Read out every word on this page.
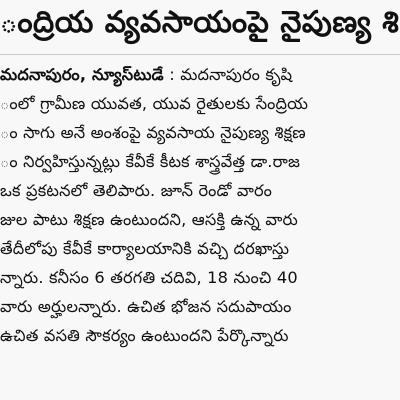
ంద్రియ వ్యవసాయంపై నైపుణ్య శి
మదనాపురం, న్యూస్‌టుడే : మదనాపురం కృషి
ంలో గ్రామీణ యువత, యువ రైతులకు సేంద్రియ
ం సాగు అనే అంశంపై వ్యవసాయ నైపుణ్య శిక్షణ
ం నిర్వహిస్తున్నట్లు కేవీకే కీటక శాస్త్రవేత్త డా.రాజ
ఒక ప్రకటనలో తెలిపారు. జూన్ రెండో వారం
జుల పాటు శిక్షణ ఉంటుందని, ఆసక్తి ఉన్న వారు
తేదీలోపు కేవీకే కార్యాలయానికి వచ్చి దరఖాస్తు
న్నారు. కనీసం 6 తరగతి చదివి, 18 నుంచి 40
వారు అర్హులన్నారు. ఉచిత భోజన సదుపాయం
ఉచిత వసతి సౌకర్యం ఉంటుందని పేర్కొన్నారు
